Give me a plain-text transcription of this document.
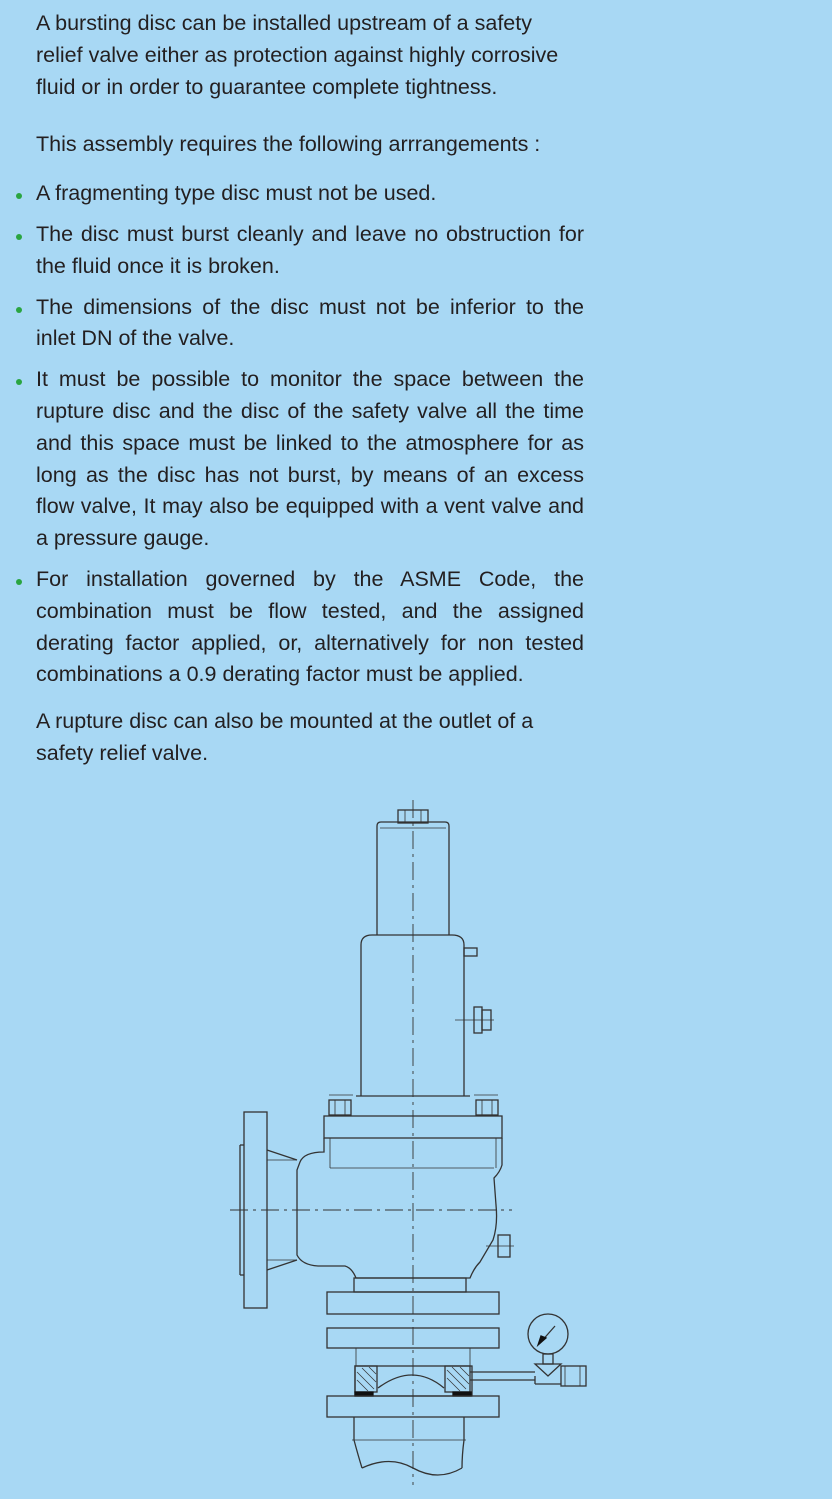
A bursting disc can be installed upstream of a safety relief valve either as protection against highly corrosive fluid or in order to guarantee complete tightness.

This assembly requires the following arrrangements :

A fragmenting type disc must not be used.
The disc must burst cleanly and leave no obstruction for the fluid once it is broken.
The dimensions of the disc must not be inferior to the inlet DN of the valve.
It must be possible to monitor the space between the rupture disc and the disc of the safety valve all the time and this space must be linked to the atmosphere for as long as the disc has not burst, by means of an excess flow valve, It may also be equipped with a vent valve and a pressure gauge.
For installation governed by the ASME Code, the combination must be flow tested, and the assigned derating factor applied, or, alternatively for non tested combinations a 0.9 derating factor must be applied.

A rupture disc can also be mounted at the outlet of a safety relief valve.
